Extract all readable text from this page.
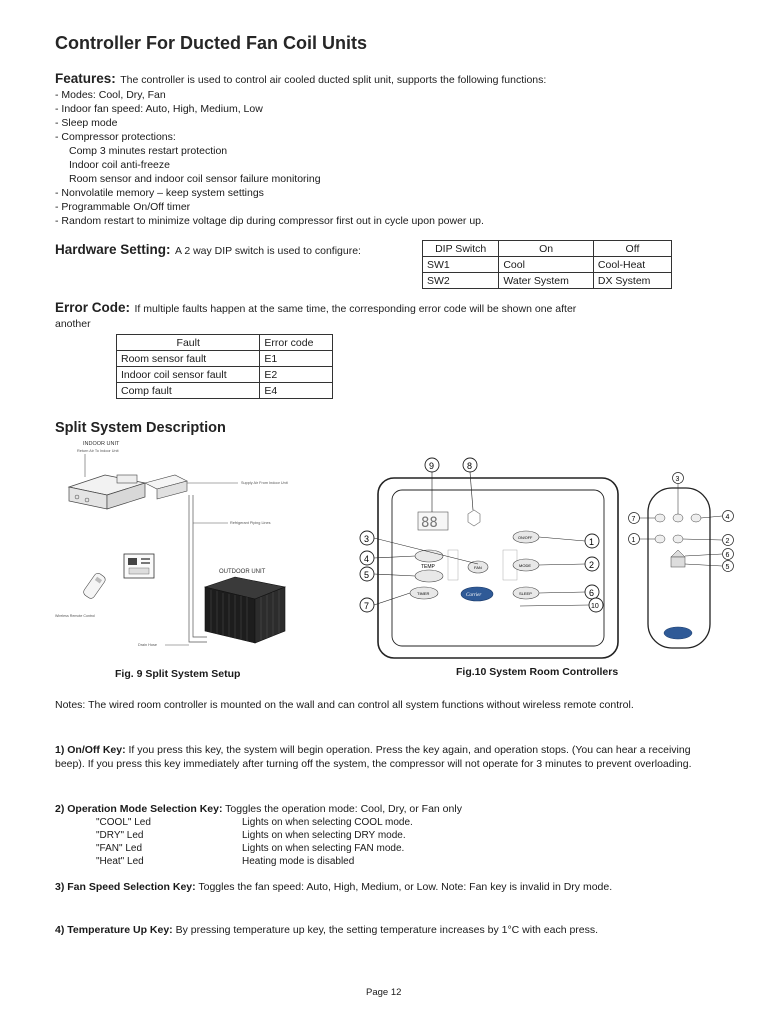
Controller For Ducted Fan Coil Units
Features: The controller is used to control air cooled ducted split unit, supports the following functions:
- Modes: Cool, Dry, Fan
- Indoor fan speed: Auto, High, Medium, Low
- Sleep mode
- Compressor protections:
Comp 3 minutes restart protection
Indoor coil anti-freeze
Room sensor and indoor coil sensor failure monitoring
- Nonvolatile memory – keep system settings
- Programmable On/Off timer
- Random restart to minimize voltage dip during compressor first out in cycle upon power up.
Hardware Setting: A 2 way DIP switch is used to configure:	DIP Switch	On	Off
SW1	Cool	Cool-Heat
SW2	Water System	DX System
Error Code: If multiple faults happen at the same time, the corresponding error code will be shown one after
another
Fault	Error code
Room sensor fault	E1
Indoor coil sensor fault	E2
Comp fault	E4
Split System Description
INDOOR UNIT
Return Air To Indoor Unit
Supply Air From Indoor Unit
Refrigerant Piping Lines
Wireless Remote Control
OUTDOOR UNIT
Drain Hose
Fig. 9 Split System Setup
88
9	8
TEMP	FAN
ON/OFF
MODE
TIMER	Carrier	SLEEP
3
4
5
7
1
2
6
10
7
1
3
4
2
6
5
Fig.10 System Room Controllers
Notes: The wired room controller is mounted on the wall and can control all system functions without wireless remote control.
1) On/Off Key: If you press this key, the system will begin operation. Press the key again, and operation stops. (You can hear a receiving beep). If you press this key immediately after turning off the system, the compressor will not operate for 3 minutes to prevent overloading.
2) Operation Mode Selection Key: Toggles the operation mode: Cool, Dry, or Fan only
"COOL" Led	Lights on when selecting COOL mode.
"DRY" Led	Lights on when selecting DRY mode.
"FAN" Led	Lights on when selecting FAN mode.
"Heat" Led	Heating mode is disabled
3) Fan Speed Selection Key: Toggles the fan speed: Auto, High, Medium, or Low. Note: Fan key is invalid in Dry mode.
4) Temperature Up Key: By pressing temperature up key, the setting temperature increases by 1°C with each press.
Page 12
